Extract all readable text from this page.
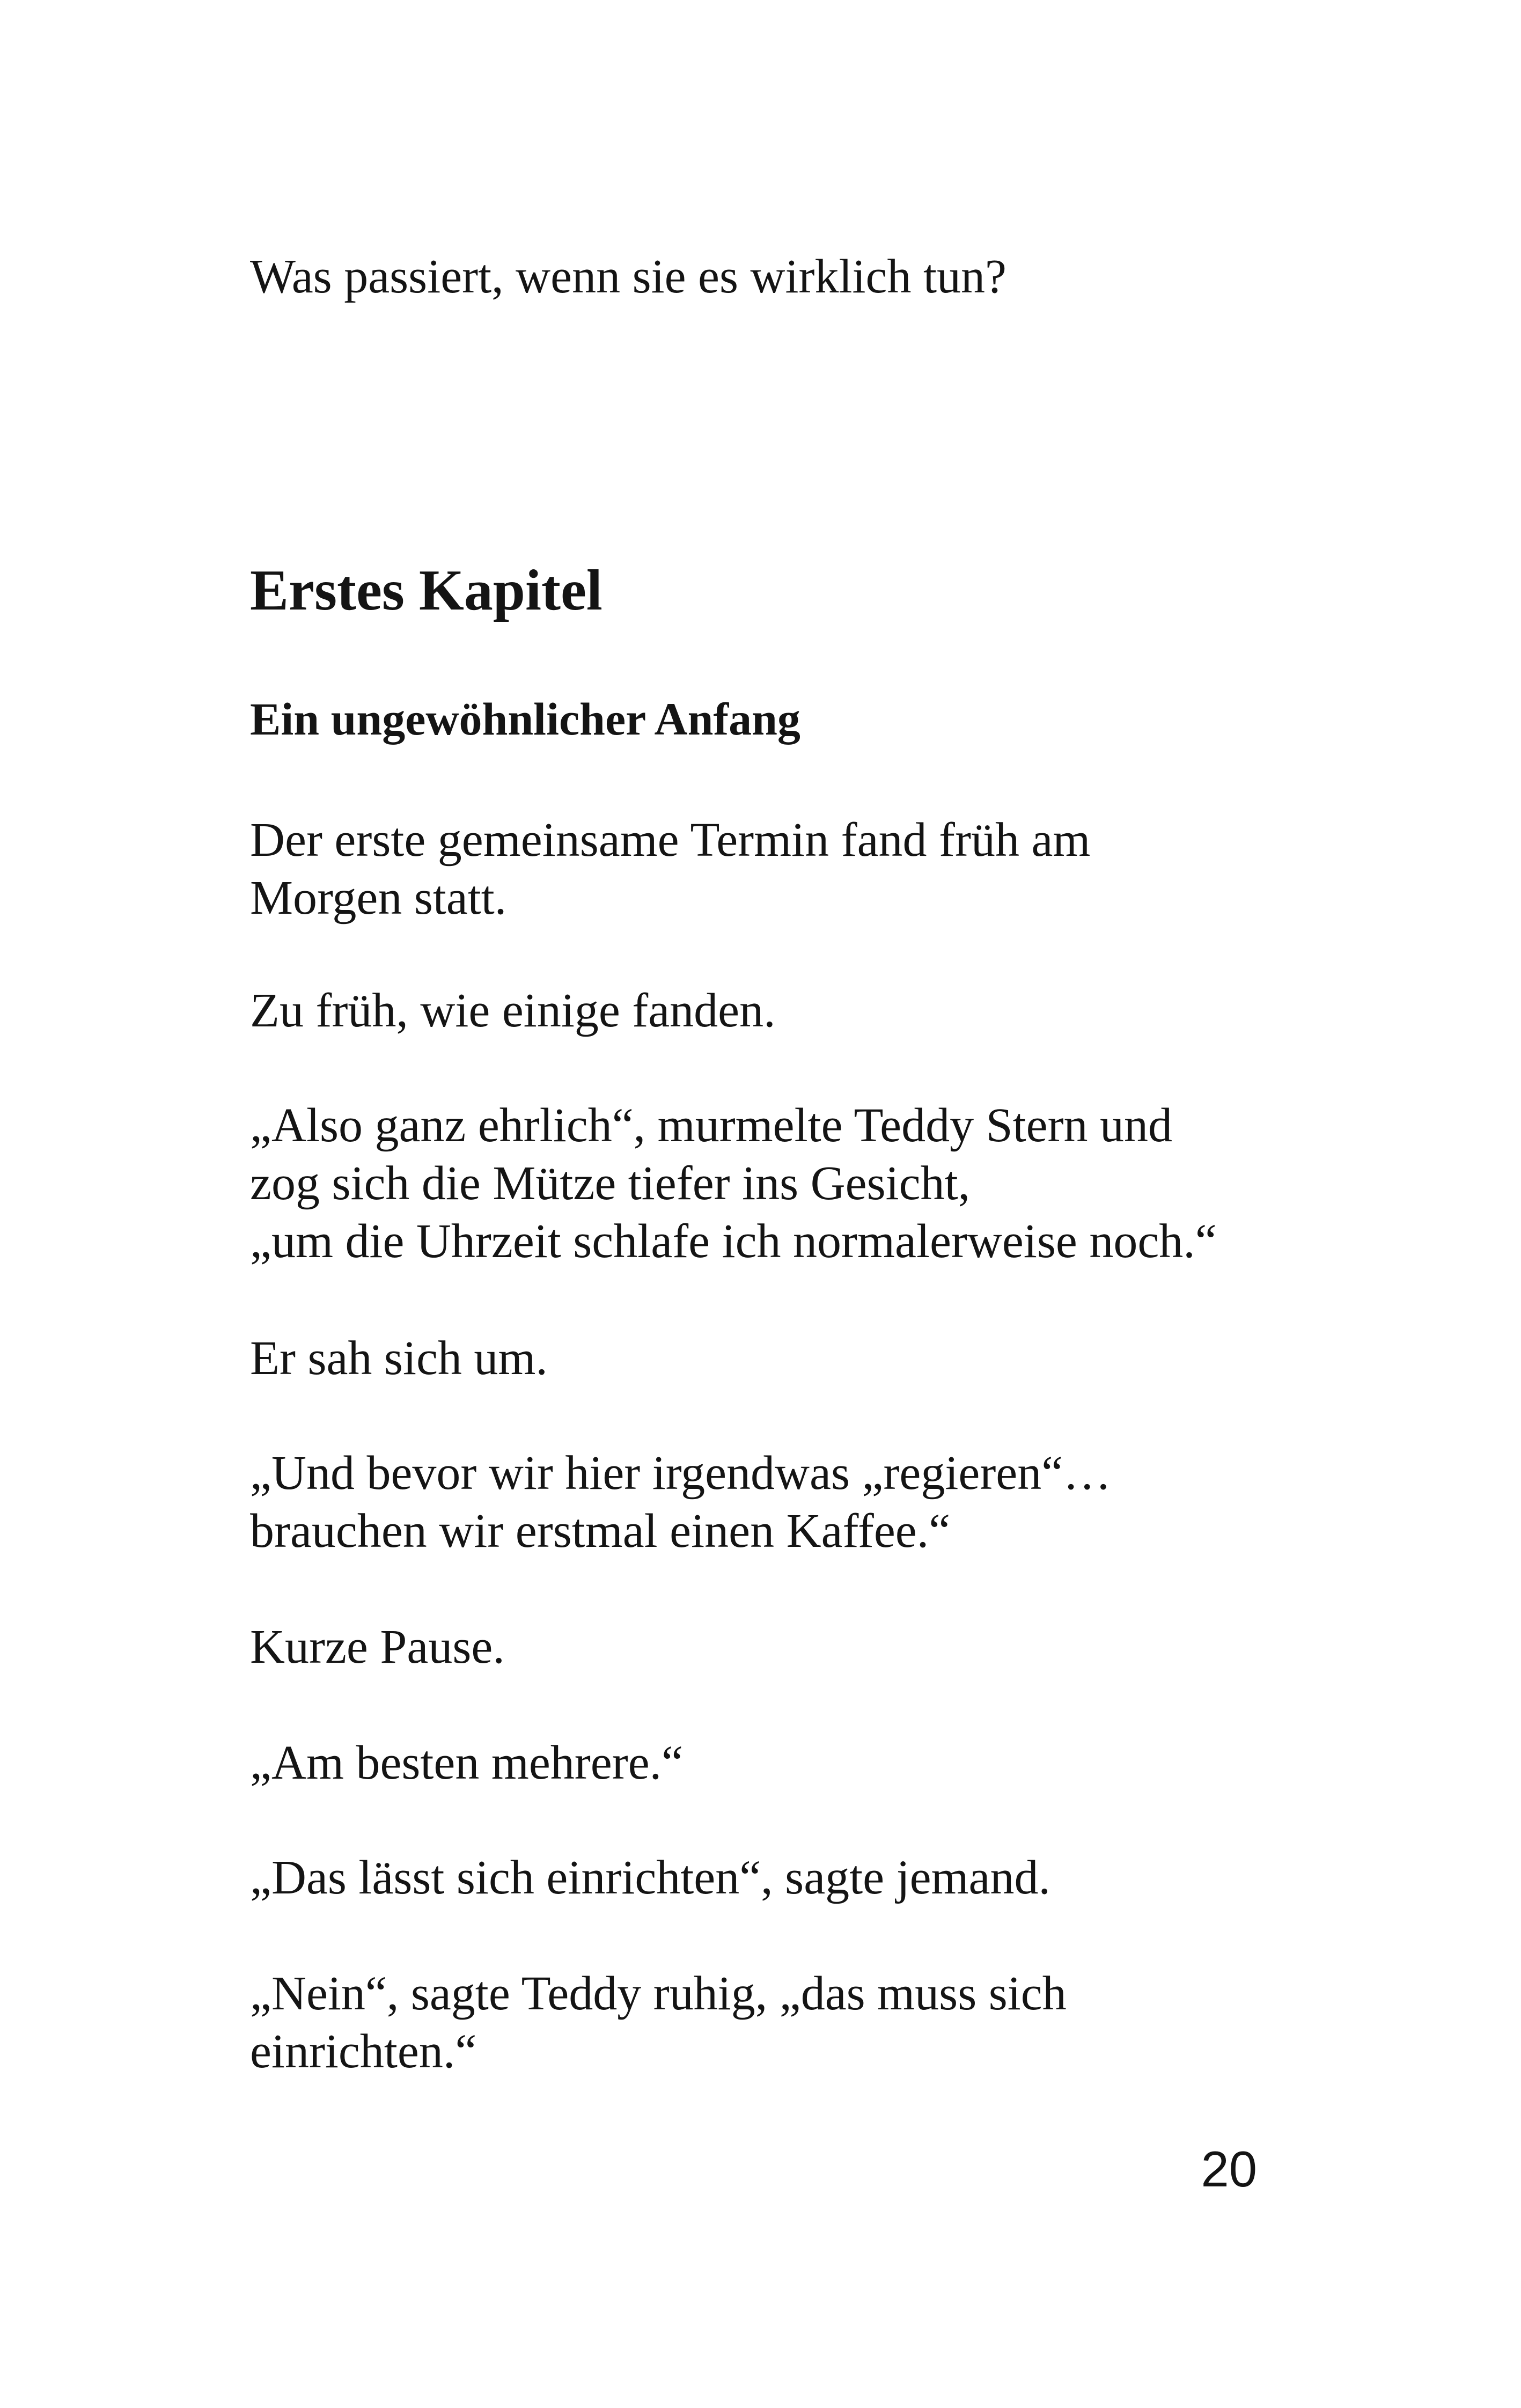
Was passiert, wenn sie es wirklich tun?

Erstes Kapitel
Ein ungewöhnlicher Anfang

Der erste gemeinsame Termin fand früh am
Morgen statt.

Zu früh, wie einige fanden.

„Also ganz ehrlich“, murmelte Teddy Stern und
zog sich die Mütze tiefer ins Gesicht,
„um die Uhrzeit schlafe ich normalerweise noch.“

Er sah sich um.

„Und bevor wir hier irgendwas „regieren“…
brauchen wir erstmal einen Kaffee.“

Kurze Pause.

„Am besten mehrere.“

„Das lässt sich einrichten“, sagte jemand.

„Nein“, sagte Teddy ruhig, „das muss sich
einrichten.“

20
